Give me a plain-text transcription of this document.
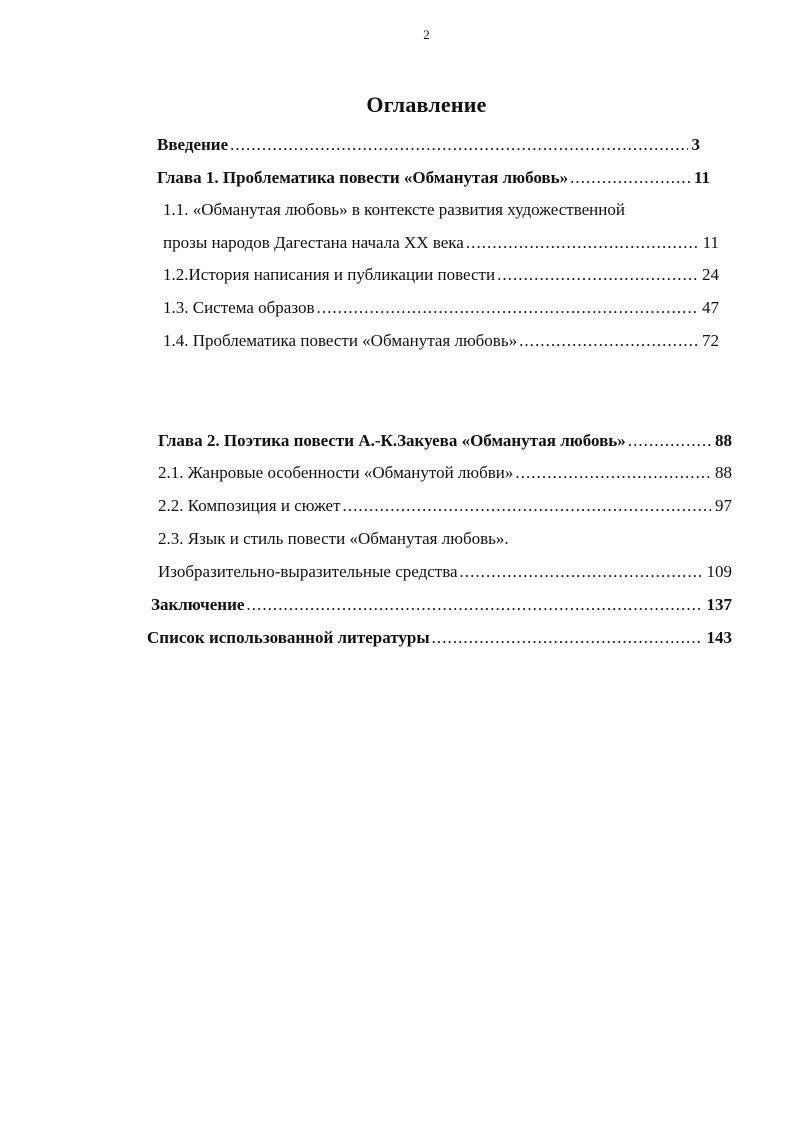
2
Оглавление
Введение . . .	3
Глава 1. Проблематика повести «Обманутая любовь» . . .	11
1.1. «Обманутая любовь» в контексте развития художественной
прозы народов Дагестана начала XX века . . .	11
1.2.История написания и публикации повести . . .	24
1.3. Система образов . . .	47
1.4. Проблематика повести «Обманутая любовь» . . .	72
Глава 2. Поэтика повести А.-К.Закуева «Обманутая любовь» . . .	88
2.1. Жанровые особенности «Обманутой любви» . . .	88
2.2. Композиция и сюжет . . .	97
2.3. Язык и стиль повести «Обманутая любовь».
Изобразительно-выразительные средства . . .	109
Заключение . . .	137
Список использованной литературы . . .	143
